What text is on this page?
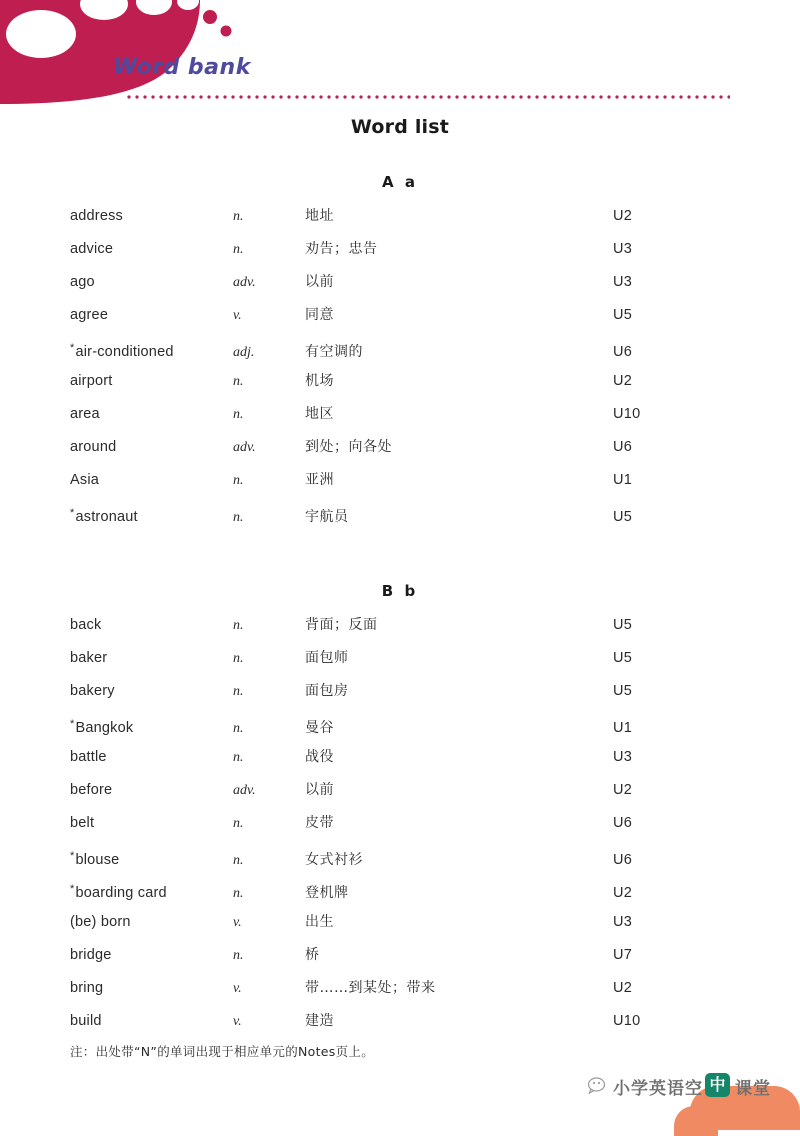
Word bank
Word list
A a
address	n.	地址	U2
advice	n.	劝告；忠告	U3
ago	adv.	以前	U3
agree	v.	同意	U5
*air-conditioned	adj.	有空调的	U6
airport	n.	机场	U2
area	n.	地区	U10
around	adv.	到处；向各处	U6
Asia	n.	亚洲	U1
*astronaut	n.	宇航员	U5
B b
back	n.	背面；反面	U5
baker	n.	面包师	U5
bakery	n.	面包房	U5
*Bangkok	n.	曼谷	U1
battle	n.	战役	U3
before	adv.	以前	U2
belt	n.	皮带	U6
*blouse	n.	女式衬衫	U6
*boarding card	n.	登机牌	U2
(be) born	v.	出生	U3
bridge	n.	桥	U7
bring	v.	带……到某处；带来	U2
build	v.	建造	U10
注：出处带“N”的单词出现于相应单元的Notes页上。
小学英语空 中 课堂
